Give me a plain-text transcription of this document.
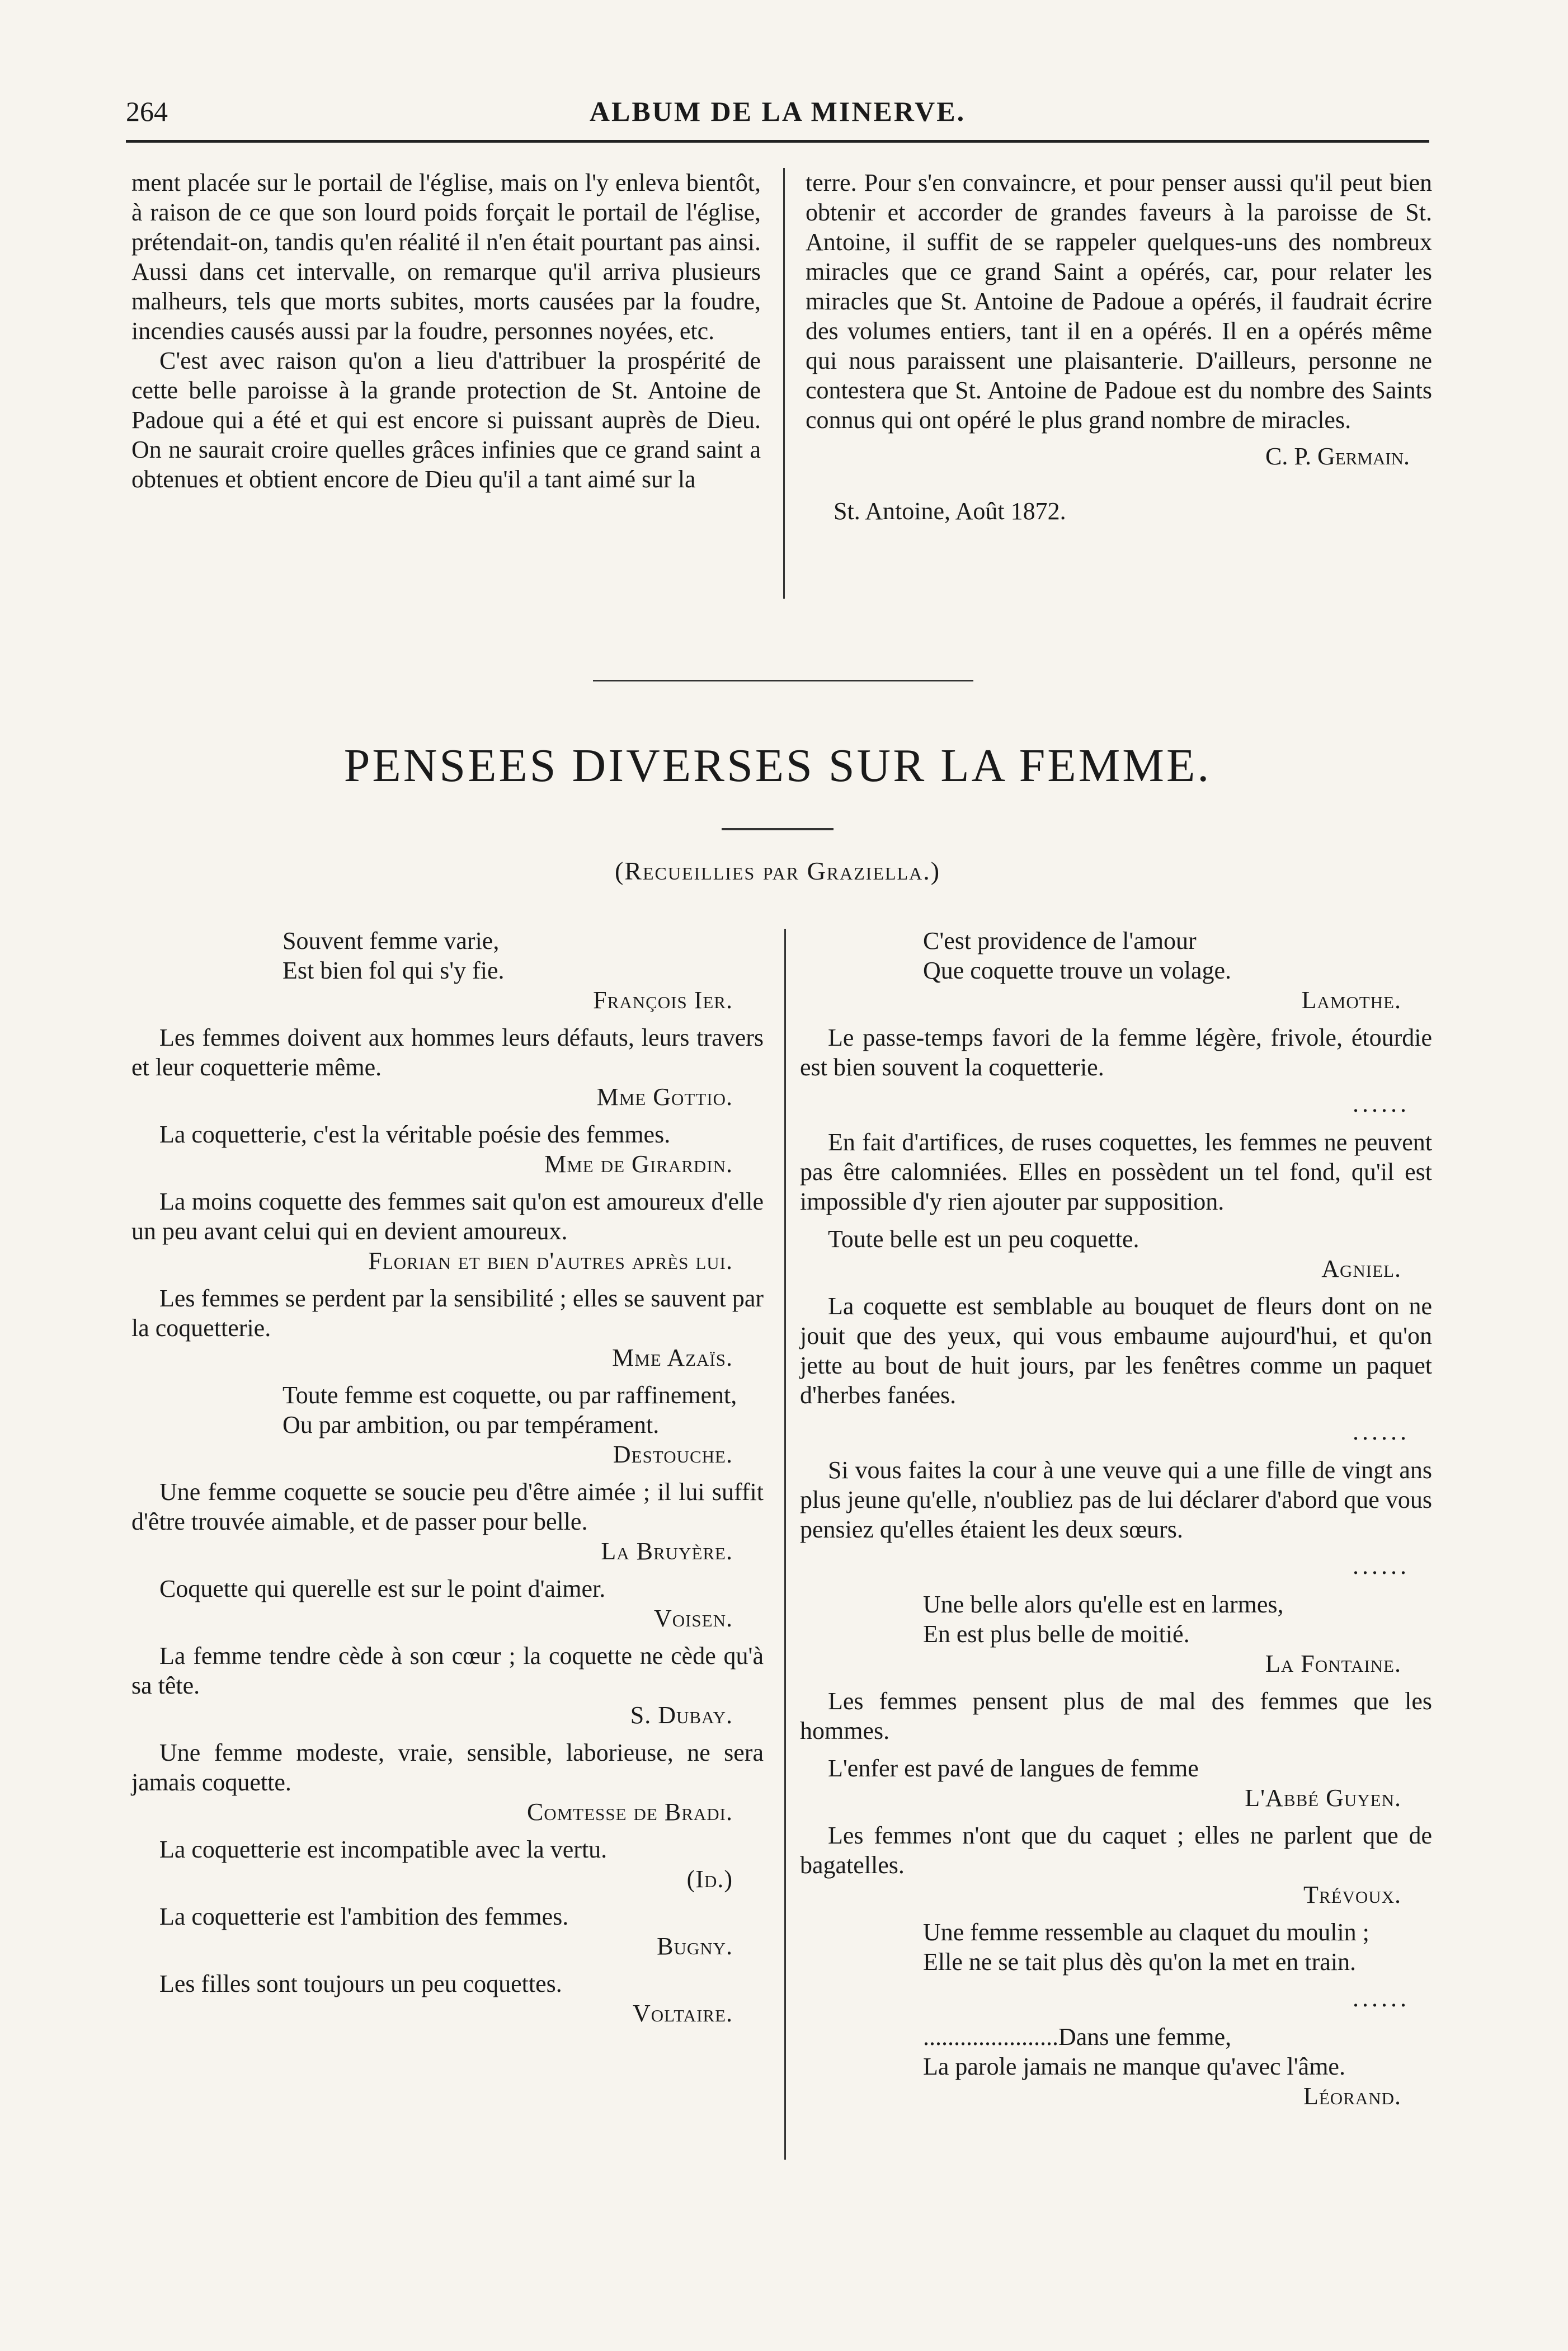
264	ALBUM DE LA MINERVE.

ment placée sur le portail de l'église, mais on l'y enleva bientôt, à raison de ce que son lourd poids forçait le portail de l'église, prétendait-on, tandis qu'en réalité il n'en était pourtant pas ainsi. Aussi dans cet intervalle, on remarque qu'il arriva plusieurs malheurs, tels que morts subites, morts causées par la foudre, incendies causés aussi par la foudre, personnes noyées, etc.

C'est avec raison qu'on a lieu d'attribuer la prospérité de cette belle paroisse à la grande protection de St. Antoine de Padoue qui a été et qui est encore si puissant auprès de Dieu. On ne saurait croire quelles grâces infinies que ce grand saint a obtenues et obtient encore de Dieu qu'il a tant aimé sur la

terre. Pour s'en convaincre, et pour penser aussi qu'il peut bien obtenir et accorder de grandes faveurs à la paroisse de St. Antoine, il suffit de se rappeler quelques-uns des nombreux miracles que ce grand Saint a opérés, car, pour relater les miracles que St. Antoine de Padoue a opérés, il faudrait écrire des volumes entiers, tant il en a opérés. Il en a opérés même qui nous paraissent une plaisanterie. D'ailleurs, personne ne contestera que St. Antoine de Padoue est du nombre des Saints connus qui ont opéré le plus grand nombre de miracles.

C. P. Germain.
St. Antoine, Août 1872.
PENSEES DIVERSES SUR LA FEMME.
(Recueillies par Graziella.)
Souvent femme varie,
Est bien fol qui s'y fie.
François Ier.
Les femmes doivent aux hommes leurs défauts, leurs travers et leur coquetterie même.
Mme Gottio.
La coquetterie, c'est la véritable poésie des femmes.
Mme de Girardin.
La moins coquette des femmes sait qu'on est amoureux d'elle un peu avant celui qui en devient amoureux.
Florian et bien d'autres après lui.
Les femmes se perdent par la sensibilité ; elles se sauvent par la coquetterie.
Mme Azaïs.
Toute femme est coquette, ou par raffinement,
Ou par ambition, ou par tempérament.
Destouche.
Une femme coquette se soucie peu d'être aimée ; il lui suffit d'être trouvée aimable, et de passer pour belle.
La Bruyère.
Coquette qui querelle est sur le point d'aimer.
Voisen.
La femme tendre cède à son cœur ; la coquette ne cède qu'à sa tête.
S. Dubay.
Une femme modeste, vraie, sensible, laborieuse, ne sera jamais coquette.
Comtesse de Bradi.
La coquetterie est incompatible avec la vertu.
(Id.)
La coquetterie est l'ambition des femmes.
Bugny.
Les filles sont toujours un peu coquettes.
Voltaire.
C'est providence de l'amour
Que coquette trouve un volage.
Lamothe.
Le passe-temps favori de la femme légère, frivole, étourdie est bien souvent la coquetterie.
......
En fait d'artifices, de ruses coquettes, les femmes ne peuvent pas être calomniées. Elles en possèdent un tel fond, qu'il est impossible d'y rien ajouter par supposition.
Toute belle est un peu coquette.
Agniel.
La coquette est semblable au bouquet de fleurs dont on ne jouit que des yeux, qui vous embaume aujourd'hui, et qu'on jette au bout de huit jours, par les fenêtres comme un paquet d'herbes fanées.
......
Si vous faites la cour à une veuve qui a une fille de vingt ans plus jeune qu'elle, n'oubliez pas de lui déclarer d'abord que vous pensiez qu'elles étaient les deux sœurs.
......
Une belle alors qu'elle est en larmes,
En est plus belle de moitié.
La Fontaine.
Les femmes pensent plus de mal des femmes que les hommes.
L'enfer est pavé de langues de femme
L'Abbé Guyen.
Les femmes n'ont que du caquet ; elles ne parlent que de bagatelles.
Trévoux.
Une femme ressemble au claquet du moulin ;
Elle ne se tait plus dès qu'on la met en train.
......
......................Dans une femme,
La parole jamais ne manque qu'avec l'âme.
Léorand.
